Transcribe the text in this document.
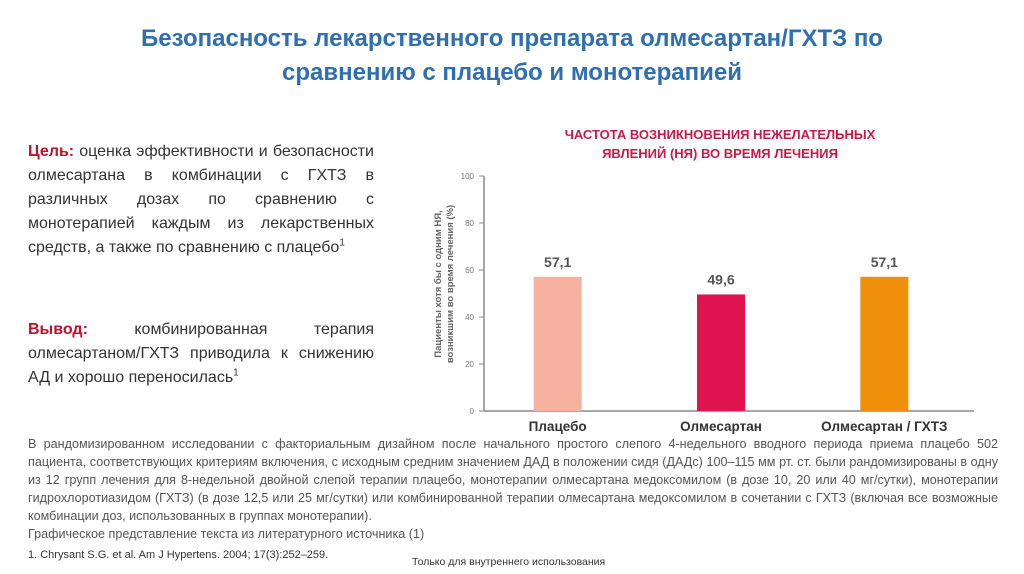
Безопасность лекарственного препарата олмесартан/ГХТЗ по
сравнению с плацебо и монотерапией
Цель: оценка эффективности и безопасности олмесартана в комбинации с ГХТЗ в различных дозах по сравнению с монотерапией каждым из лекарственных средств, а также по сравнению с плацебо$^1$
Вывод: комбинированная терапия олмесартаном/ГХТЗ приводила к снижению АД и хорошо переносилась$^1$
ЧАСТОТА ВОЗНИКНОВЕНИЯ НЕЖЕЛАТЕЛЬНЫХ
ЯВЛЕНИЙ (НЯ) ВО ВРЕМЯ ЛЕЧЕНИЯ
Пациенты хотя бы с одним НЯ, возникшим во время лечения (%)
0
20
40
60
80
100
57,1
Плацебо
49,6
Олмесартан
57,1
Олмесартан / ГХТЗ
В рандомизированном исследовании с факториальным дизайном после начального простого слепого 4-недельного вводного периода приема плацебо 502 пациента, соответствующих критериям включения, с исходным средним значением ДАД в положении сидя (ДАДс) 100–115 мм рт. ст. были рандомизированы в одну из 12 групп лечения для 8-недельной двойной слепой терапии плацебо, монотерапии олмесартана медоксомилом (в дозе 10, 20 или 40 мг/сутки), монотерапии гидрохлоротиазидом (ГХТЗ) (в дозе 12,5 или 25 мг/сутки) или комбинированной терапии олмесартана медоксомилом в сочетании с ГХТЗ (включая все возможные комбинации доз, использованных в группах монотерапии).
Графическое представление текста из литературного источника (1)
1. Chrysant S.G. et al. Am J Hypertens. 2004; 17(3):252–259.
Только для внутреннего использования
